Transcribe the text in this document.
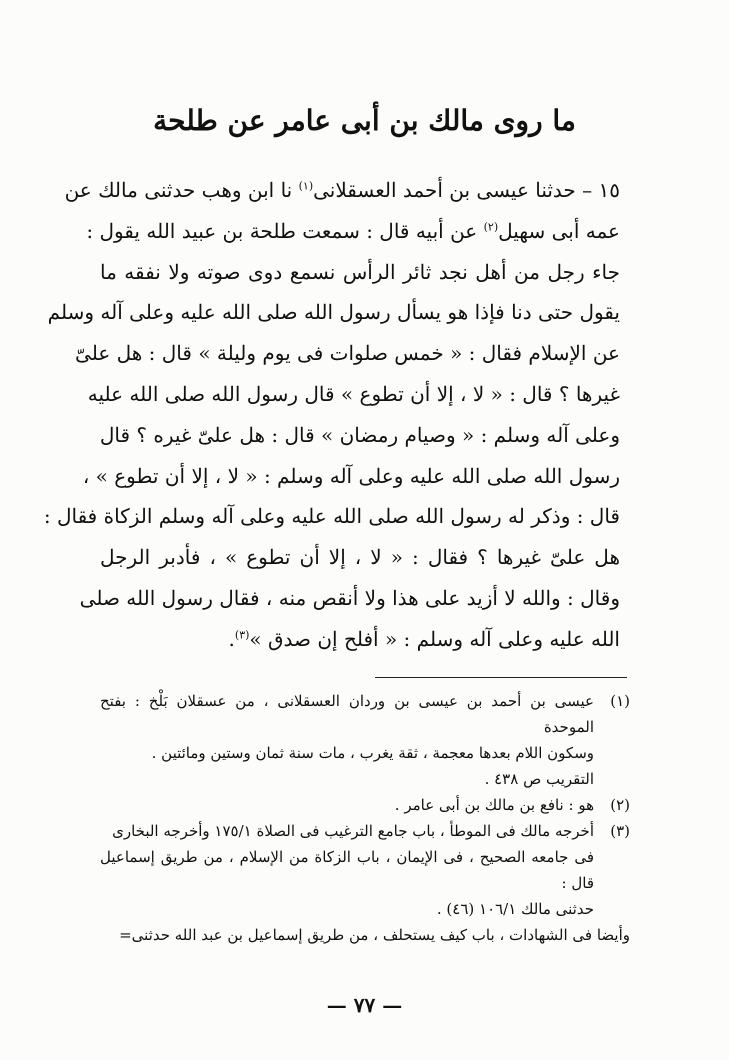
ما روى مالك بن أبى عامر عن طلحة
١٥ – حدثنا عيسى بن أحمد العسقلانى$^{(١)}$ نا ابن وهب حدثنى مالك عن
عمه أبى سهيل$^{(٢)}$ عن أبيه قال : سمعت طلحة بن عبيد الله يقول :
جاء رجل من أهل نجد ثائر الرأس نسمع دوى صوته ولا نفقه ما
يقول حتى دنا فإذا هو يسأل رسول الله صلى الله عليه وعلى آله وسلم
عن الإسلام فقال : « خمس صلوات فى يوم وليلة » قال : هل علىّ
غيرها ؟ قال : « لا ، إلا أن تطوع » قال رسول الله صلى الله عليه
وعلى آله وسلم : « وصيام رمضان » قال : هل علىّ غيره ؟ قال
رسول الله صلى الله عليه وعلى آله وسلم : « لا ، إلا أن تطوع » ،
قال : وذكر له رسول الله صلى الله عليه وعلى آله وسلم الزكاة فقال :
هل علىّ غيرها ؟ فقال : « لا ، إلا أن تطوع » ، فأدبر الرجل
وقال : والله لا أزيد على هذا ولا أنقص منه ، فقال رسول الله صلى
الله عليه وعلى آله وسلم : « أفلح إن صدق »$^{(٣)}$.
(١)
عيسى بن أحمد بن عيسى بن وردان العسقلانى ، من عسقلان بَلْخ : بفتح الموحدة
وسكون اللام بعدها معجمة ، ثقة يغرب ، مات سنة ثمان وستين ومائتين .
التقريب ص ٤٣٨ .
(٢)
هو : نافع بن مالك بن أبى عامر .
(٣)
أخرجه مالك فى الموطأ ، باب جامع الترغيب فى الصلاة ١٧٥/١ وأخرجه البخارى
فى جامعه الصحيح ، فى الإيمان ، باب الزكاة من الإسلام ، من طريق إسماعيل قال :
حدثنى مالك ١٠٦/١ (٤٦) .
وأيضا فى الشهادات ، باب كيف يستحلف ، من طريق إسماعيل بن عبد الله حدثنى=
— ٧٧ —
